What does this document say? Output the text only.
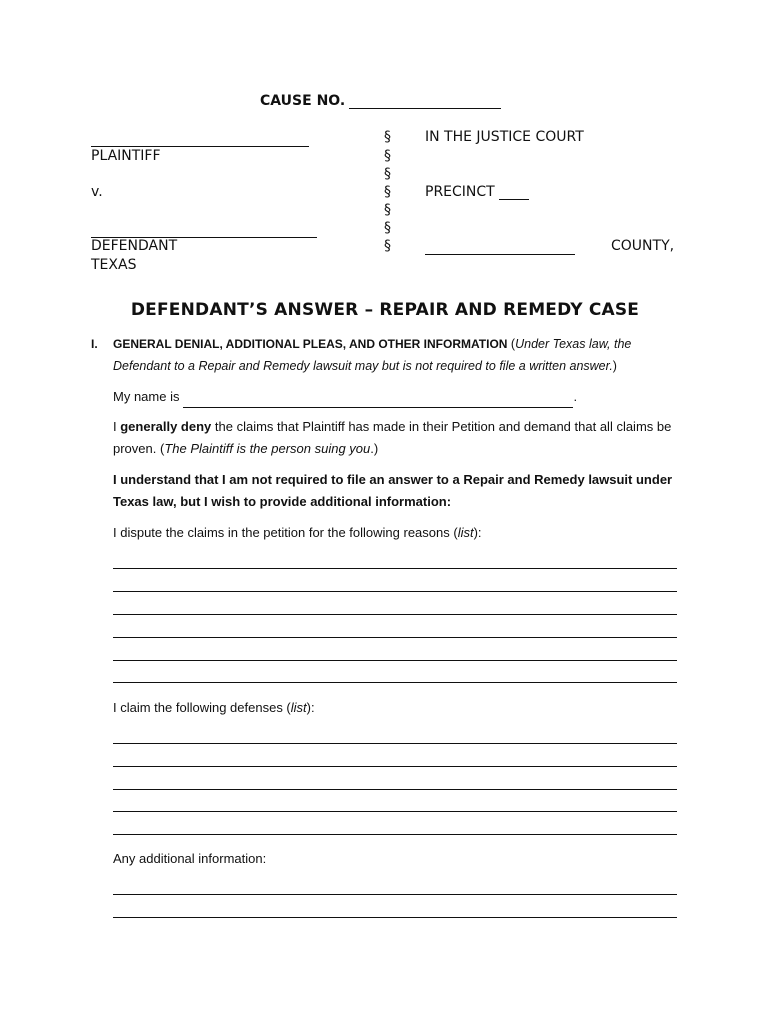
CAUSE NO.
PLAINTIFF
v.
DEFENDANT
TEXAS
§
§
§
§
§
§
§
IN THE JUSTICE COURT
PRECINCT
COUNTY,
DEFENDANT’S ANSWER – REPAIR AND REMEDY CASE
I. GENERAL DENIAL, ADDITIONAL PLEAS, AND OTHER INFORMATION (Under Texas law, the Defendant to a Repair and Remedy lawsuit may but is not required to file a written answer.)
My name is	.
I generally deny the claims that Plaintiff has made in their Petition and demand that all claims be proven. (The Plaintiff is the person suing you.)
I understand that I am not required to file an answer to a Repair and Remedy lawsuit under Texas law, but I wish to provide additional information:
I dispute the claims in the petition for the following reasons (list):
I claim the following defenses (list):
Any additional information:
